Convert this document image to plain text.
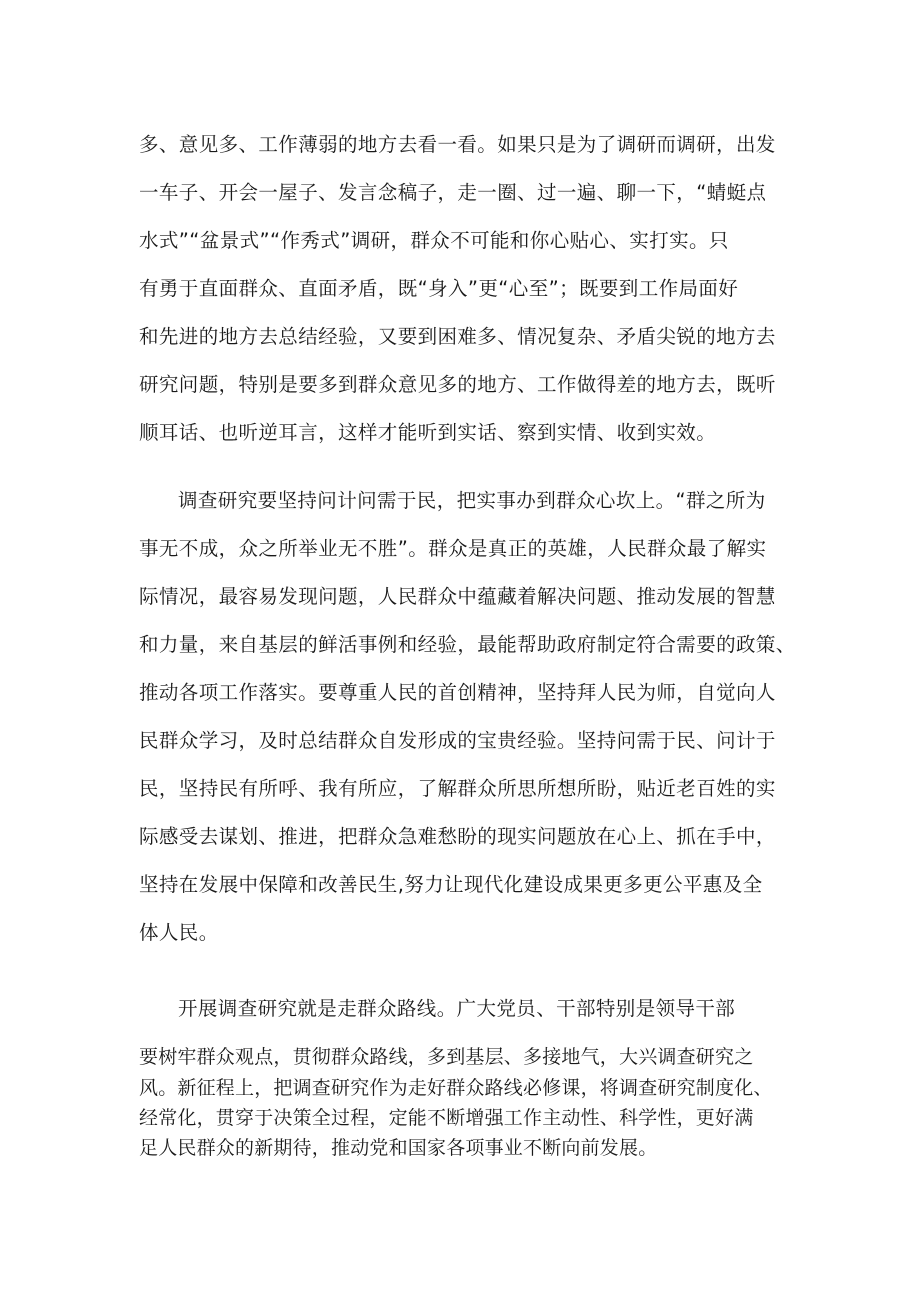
多、意见多、工作薄弱的地方去看一看。如果只是为了调研而调研，出发
一车子、开会一屋子、发言念稿子，走一圈、过一遍、聊一下，“蜻蜓点
水式”“盆景式”“作秀式”调研，群众不可能和你心贴心、实打实。只
有勇于直面群众、直面矛盾，既“身入”更“心至”；既要到工作局面好
和先进的地方去总结经验，又要到困难多、情况复杂、矛盾尖锐的地方去
研究问题，特别是要多到群众意见多的地方、工作做得差的地方去，既听
顺耳话、也听逆耳言，这样才能听到实话、察到实情、收到实效。
调查研究要坚持问计问需于民，把实事办到群众心坎上。“群之所为
事无不成，众之所举业无不胜”。群众是真正的英雄，人民群众最了解实
际情况，最容易发现问题，人民群众中蕴藏着解决问题、推动发展的智慧
和力量，来自基层的鲜活事例和经验，最能帮助政府制定符合需要的政策、
推动各项工作落实。要尊重人民的首创精神，坚持拜人民为师，自觉向人
民群众学习，及时总结群众自发形成的宝贵经验。坚持问需于民、问计于
民，坚持民有所呼、我有所应，了解群众所思所想所盼，贴近老百姓的实
际感受去谋划、推进，把群众急难愁盼的现实问题放在心上、抓在手中，
坚持在发展中保障和改善民生,努力让现代化建设成果更多更公平惠及全
体人民。
开展调查研究就是走群众路线。广大党员、干部特别是领导干部
要树牢群众观点，贯彻群众路线，多到基层、多接地气，大兴调查研究之
风。新征程上，把调查研究作为走好群众路线必修课，将调查研究制度化、
经常化，贯穿于决策全过程，定能不断增强工作主动性、科学性，更好满
足人民群众的新期待，推动党和国家各项事业不断向前发展。
